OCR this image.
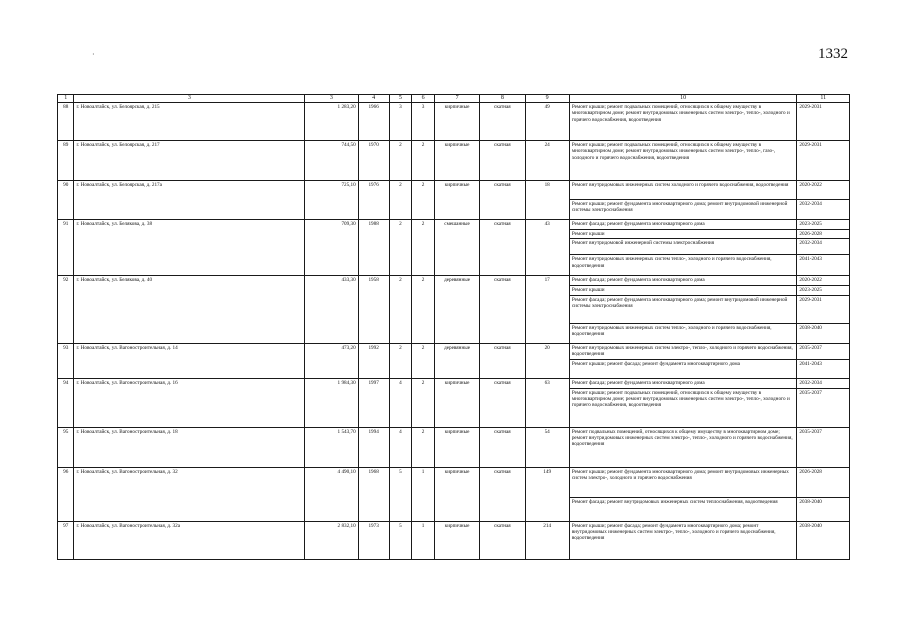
·	1332
1	3	3	4	5	6	7	8	9	10	11
88	г. Новоалтайск, ул. Белоярская, д. 215	1 283,20	1966	3	3	кирпичные	скатная	49	Ремонт крыши; ремонт подвальных помещений, относящихся к общему имуществу в многоквартирном доме; ремонт внутридомовых инженерных систем электро-, тепло-, холодного и горячего водоснабжения, водоотведения	2029-2031
89	г. Новоалтайск, ул. Белоярская, д. 217	744,50	1970	2	2	кирпичные	скатная	24	Ремонт крыши; ремонт подвальных помещений, относящихся к общему имуществу в многоквартирном доме; ремонт внутридомовых инженерных систем электро-, тепло-, газо-, холодного и горячего водоснабжения, водоотведения	2029-2031
90	г. Новоалтайск, ул. Белоярская, д. 217а	725,10	1976	2	2	кирпичные	скатная	18	Ремонт внутридомовых инженерных систем холодного и горячего водоснабжения, водоотведения	2020-2022
									Ремонт крыши; ремонт фундамента многоквартирного дома; ремонт внутридомовой инженерной системы электроснабжения	2032-2034
91	г. Новоалтайск, ул. Белякова, д. 38	709,30	1988	2	2	смешанные	скатная	43	Ремонт фасада; ремонт фундамента многоквартирного дома	2023-2025
									Ремонт крыши	2026-2028
									Ремонт внутридомовой инженерной системы электроснабжения	2032-2034
									Ремонт внутридомовых инженерных систем тепло-, холодного и горячего водоснабжения, водоотведения	2041-2043
92	г. Новоалтайск, ул. Белякова, д. 40	433,30	1958	2	2	деревянные	скатная	17	Ремонт фасада; ремонт фундамента многоквартирного дома	2020-2022
									Ремонт крыши	2023-2025
									Ремонт фасада; ремонт фундамента многоквартирного дома; ремонт внутридомовой инженерной системы электроснабжения	2029-2031
									Ремонт внутридомовых инженерных систем тепло-, холодного и горячего водоснабжения, водоотведения	2038-2040
93	г. Новоалтайск, ул. Вагоностроительная, д. 14	473,20	1992	2	2	деревянные	скатная	20	Ремонт внутридомовых инженерных систем электро-, тепло-, холодного и горячего водоснабжения, водоотведения	2035-2037
									Ремонт крыши; ремонт фасада; ремонт фундамента многоквартирного дома	2041-2043
94	г. Новоалтайск, ул. Вагоностроительная, д. 16	1 984,30	1997	4	2	кирпичные	скатная	63	Ремонт фасада; ремонт фундамента многоквартирного дома	2032-2034
									Ремонт крыши; ремонт подвальных помещений, относящихся к общему имуществу в многоквартирном доме; ремонт внутридомовых инженерных систем электро-, тепло-, холодного и горячего водоснабжения, водоотведения	2035-2037
95	г. Новоалтайск, ул. Вагоностроительная, д. 18	1 543,70	1994	4	2	кирпичные	скатная	54	Ремонт подвальных помещений, относящихся к общему имуществу в многоквартирном доме; ремонт внутридомовых инженерных систем электро-, тепло-, холодного и горячего водоснабжения, водоотведения	2035-2037
96	г. Новоалтайск, ул. Вагоностроительная, д. 32	4 490,10	1968	5	1	кирпичные	скатная	149	Ремонт крыши; ремонт фундамента многоквартирного дома; ремонт внутридомовых инженерных систем электро-, холодного и горячего водоснабжения	2026-2028
									Ремонт фасада; ремонт внутридомовых инженерных систем теплоснабжения, водоотведения	2038-2040
97	г. Новоалтайск, ул. Вагоностроительная, д. 32а	2 832,10	1973	5	1	кирпичные	скатная	214	Ремонт крыши; ремонт фасада; ремонт фундамента многоквартирного дома; ремонт внутридомовых инженерных систем электро-, тепло-, холодного и горячего водоснабжения, водоотведения	2038-2040
